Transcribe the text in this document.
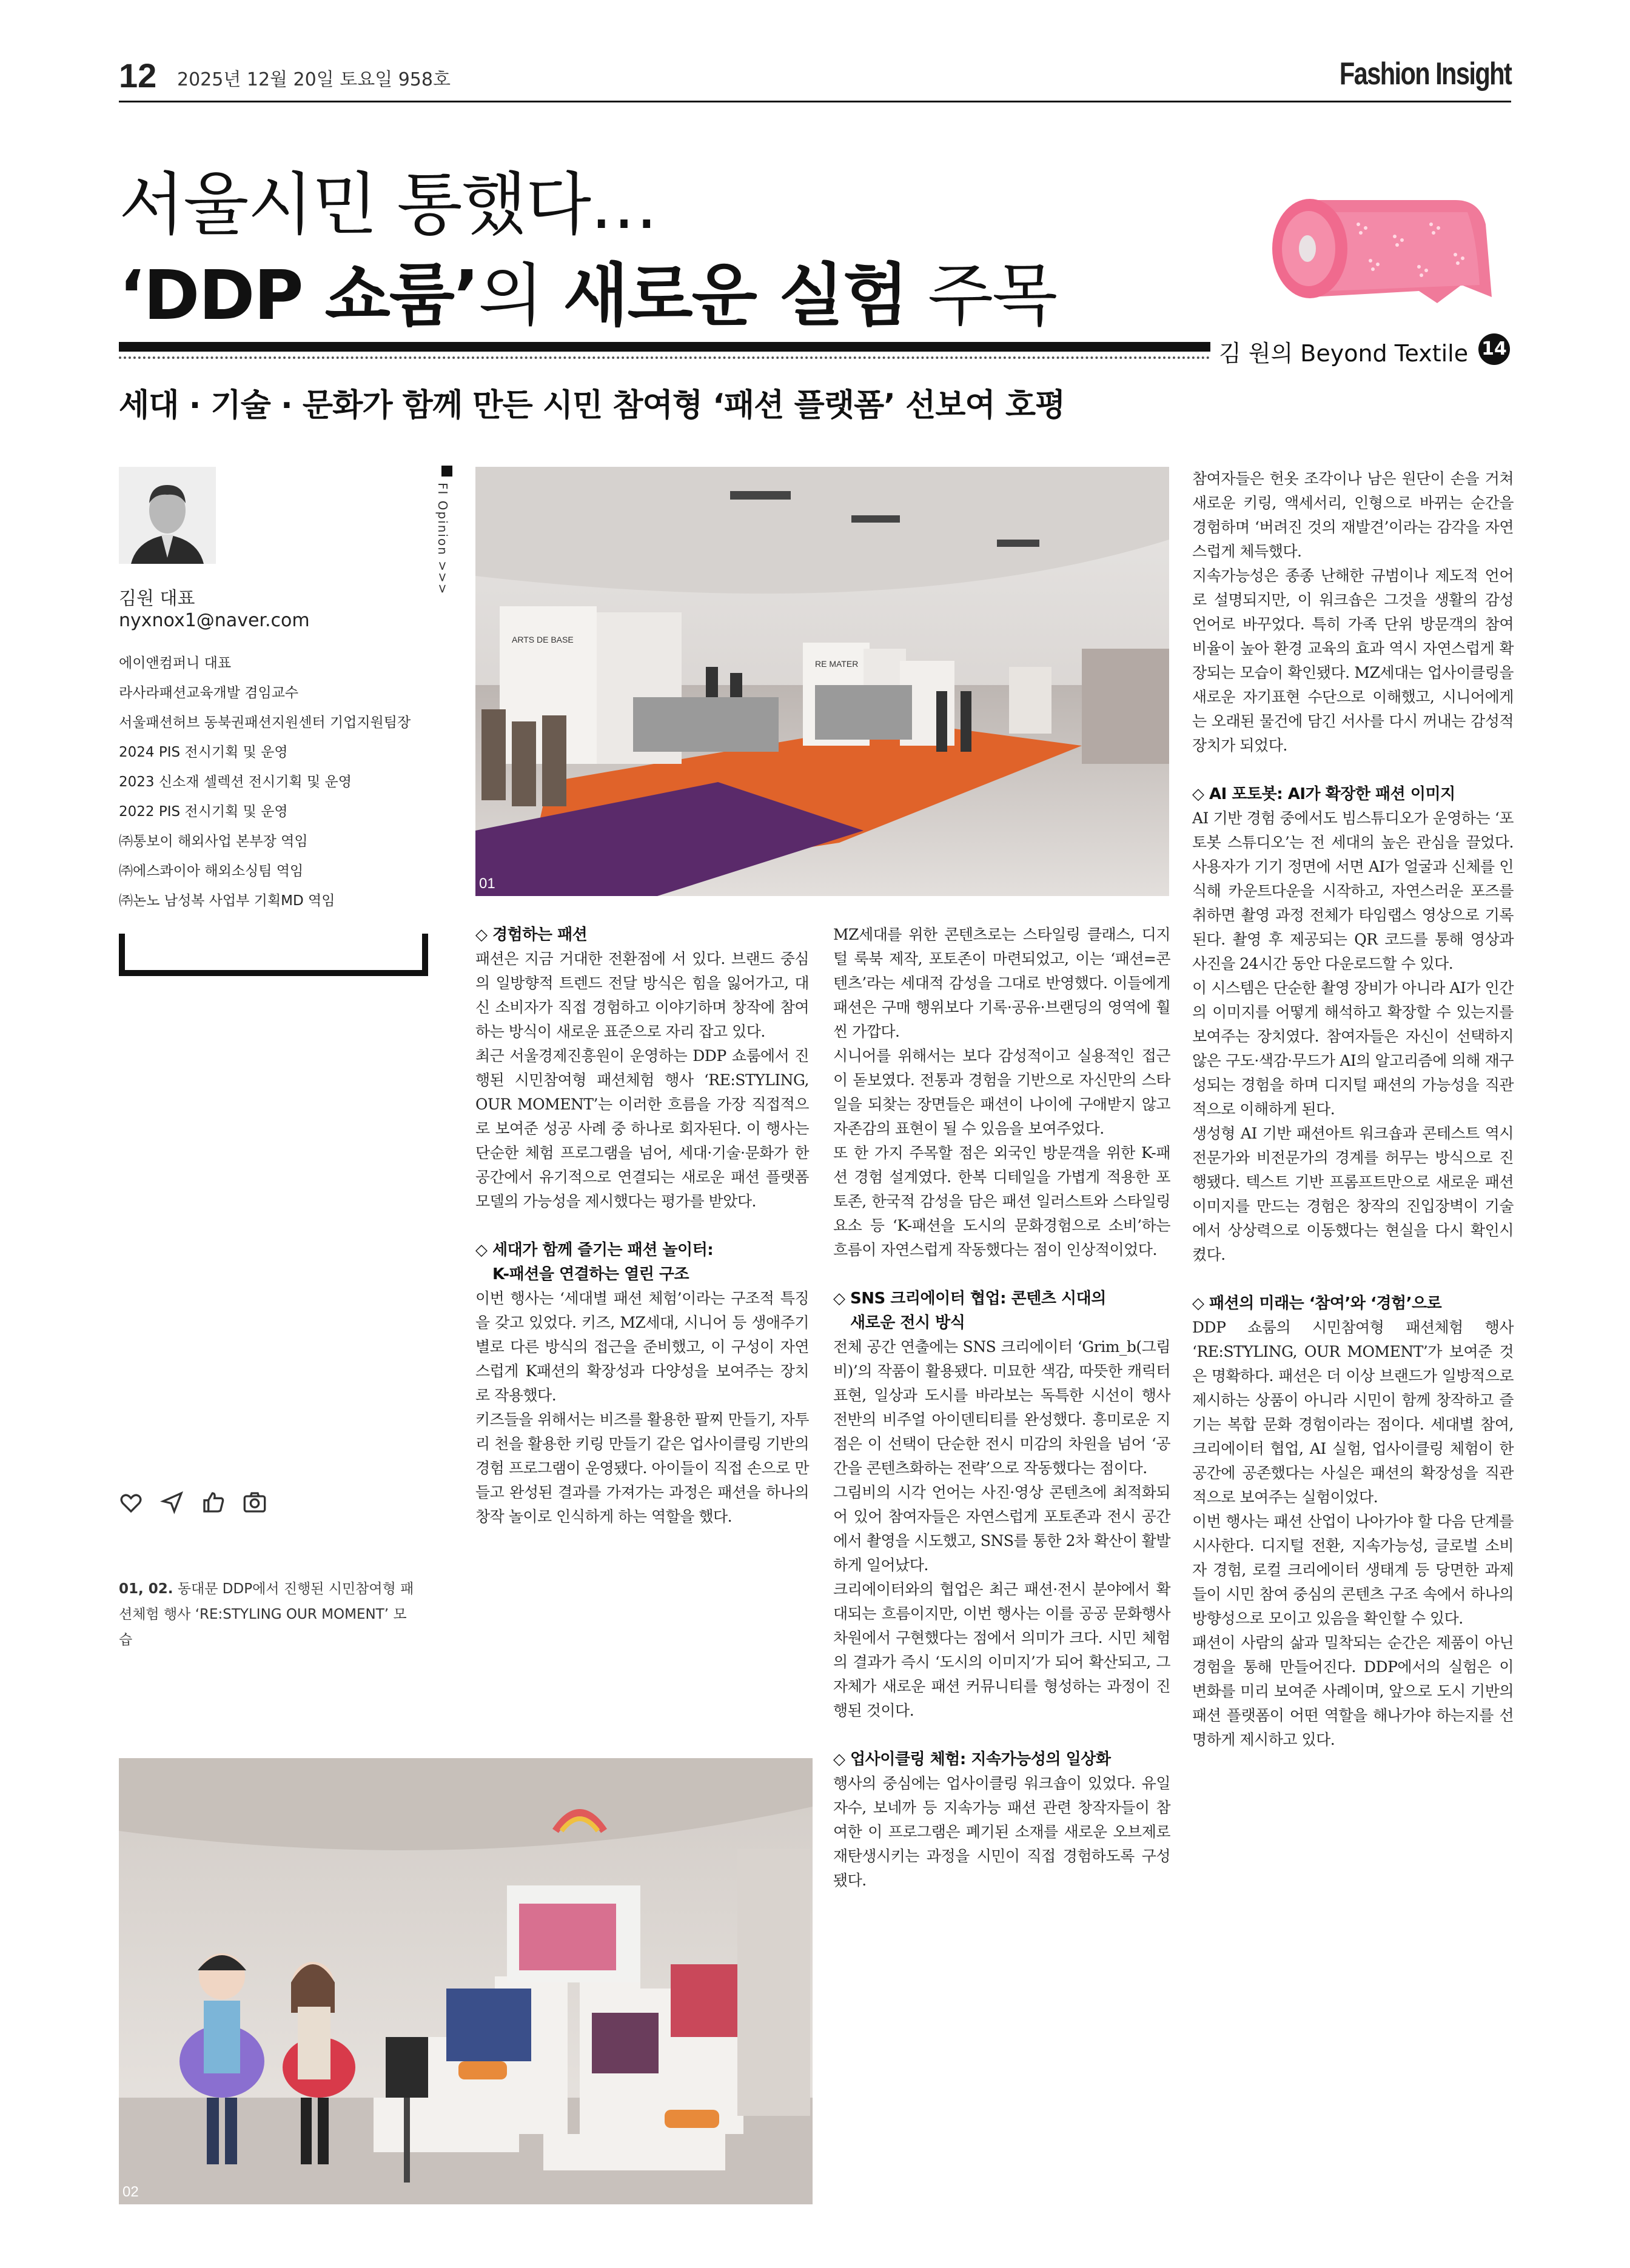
12 2025년 12월 20일 토요일 958호	Fashion Insight
서울시민 통했다…
‘DDP 쇼룸’의 새로운 실험 주목
김 원의 Beyond Textile 14
세대 · 기술 · 문화가 함께 만든 시민 참여형 ‘패션 플랫폼’ 선보여 호평
김원 대표
nyxnox1@naver.com
에이앤컴퍼니 대표
라사라패션교육개발 겸임교수
서울패션허브 동북권패션지원센터 기업지원팀장
2024 PIS 전시기획 및 운영
2023 신소재 셀렉션 전시기획 및 운영
2022 PIS 전시기획 및 운영
㈜통보이 해외사업 본부장 역임
㈜에스콰이아 해외소싱팀 역임
㈜논노 남성복 사업부 기획MD 역임
FI Opinion >>>
01, 02. 동대문 DDP에서 진행된 시민참여형 패션체험 행사 ‘RE:STYLING OUR MOMENT’ 모습
ARTS DE BASE
RE MATER
01
02
◇ 경험하는 패션

패션은 지금 거대한 전환점에 서 있다. 브랜드 중심의 일방향적 트렌드 전달 방식은 힘을 잃어가고, 대신 소비자가 직접 경험하고 이야기하며 창작에 참여하는 방식이 새로운 표준으로 자리 잡고 있다.

최근 서울경제진흥원이 운영하는 DDP 쇼룸에서 진행된 시민참여형 패션체험 행사 ‘RE:STYLING, OUR MOMENT’는 이러한 흐름을 가장 직접적으로 보여준 성공 사례 중 하나로 회자된다. 이 행사는 단순한 체험 프로그램을 넘어, 세대·기술·문화가 한 공간에서 유기적으로 연결되는 새로운 패션 플랫폼 모델의 가능성을 제시했다는 평가를 받았다.

◇ 세대가 함께 즐기는 패션 놀이터:
K-패션을 연결하는 열린 구조

이번 행사는 ‘세대별 패션 체험’이라는 구조적 특징을 갖고 있었다. 키즈, MZ세대, 시니어 등 생애주기별로 다른 방식의 접근을 준비했고, 이 구성이 자연스럽게 K패션의 확장성과 다양성을 보여주는 장치로 작용했다.

키즈들을 위해서는 비즈를 활용한 팔찌 만들기, 자투리 천을 활용한 키링 만들기 같은 업사이클링 기반의 경험 프로그램이 운영됐다. 아이들이 직접 손으로 만들고 완성된 결과를 가져가는 과정은 패션을 하나의 창작 놀이로 인식하게 하는 역할을 했다.

MZ세대를 위한 콘텐츠로는 스타일링 클래스, 디지털 룩북 제작, 포토존이 마련되었고, 이는 ‘패션=콘텐츠’라는 세대적 감성을 그대로 반영했다. 이들에게 패션은 구매 행위보다 기록·공유·브랜딩의 영역에 훨씬 가깝다.

시니어를 위해서는 보다 감성적이고 실용적인 접근이 돋보였다. 전통과 경험을 기반으로 자신만의 스타일을 되찾는 장면들은 패션이 나이에 구애받지 않고 자존감의 표현이 될 수 있음을 보여주었다.

또 한 가지 주목할 점은 외국인 방문객을 위한 K-패션 경험 설계였다. 한복 디테일을 가볍게 적용한 포토존, 한국적 감성을 담은 패션 일러스트와 스타일링 요소 등 ‘K-패션을 도시의 문화경험으로 소비’하는 흐름이 자연스럽게 작동했다는 점이 인상적이었다.

◇ SNS 크리에이터 협업: 콘텐츠 시대의
새로운 전시 방식

전체 공간 연출에는 SNS 크리에이터 ‘Grim_b(그림비)’의 작품이 활용됐다. 미묘한 색감, 따뜻한 캐릭터 표현, 일상과 도시를 바라보는 독특한 시선이 행사 전반의 비주얼 아이덴티티를 완성했다. 흥미로운 지점은 이 선택이 단순한 전시 미감의 차원을 넘어 ‘공간을 콘텐츠화하는 전략’으로 작동했다는 점이다.

그림비의 시각 언어는 사진·영상 콘텐츠에 최적화되어 있어 참여자들은 자연스럽게 포토존과 전시 공간에서 촬영을 시도했고, SNS를 통한 2차 확산이 활발하게 일어났다.

크리에이터와의 협업은 최근 패션·전시 분야에서 확대되는 흐름이지만, 이번 행사는 이를 공공 문화행사 차원에서 구현했다는 점에서 의미가 크다. 시민 체험의 결과가 즉시 ‘도시의 이미지’가 되어 확산되고, 그 자체가 새로운 패션 커뮤니티를 형성하는 과정이 진행된 것이다.

◇ 업사이클링 체험: 지속가능성의 일상화

행사의 중심에는 업사이클링 워크숍이 있었다. 유일자수, 보네까 등 지속가능 패션 관련 창작자들이 참여한 이 프로그램은 폐기된 소재를 새로운 오브제로 재탄생시키는 과정을 시민이 직접 경험하도록 구성됐다.

참여자들은 헌옷 조각이나 남은 원단이 손을 거쳐 새로운 키링, 액세서리, 인형으로 바뀌는 순간을 경험하며 ‘버려진 것의 재발견’이라는 감각을 자연스럽게 체득했다.

지속가능성은 종종 난해한 규범이나 제도적 언어로 설명되지만, 이 워크숍은 그것을 생활의 감성 언어로 바꾸었다. 특히 가족 단위 방문객의 참여 비율이 높아 환경 교육의 효과 역시 자연스럽게 확장되는 모습이 확인됐다. MZ세대는 업사이클링을 새로운 자기표현 수단으로 이해했고, 시니어에게는 오래된 물건에 담긴 서사를 다시 꺼내는 감성적 장치가 되었다.

◇ AI 포토봇: AI가 확장한 패션 이미지

AI 기반 경험 중에서도 빔스튜디오가 운영하는 ‘포토봇 스튜디오’는 전 세대의 높은 관심을 끌었다. 사용자가 기기 정면에 서면 AI가 얼굴과 신체를 인식해 카운트다운을 시작하고, 자연스러운 포즈를 취하면 촬영 과정 전체가 타임랩스 영상으로 기록된다. 촬영 후 제공되는 QR 코드를 통해 영상과 사진을 24시간 동안 다운로드할 수 있다.

이 시스템은 단순한 촬영 장비가 아니라 AI가 인간의 이미지를 어떻게 해석하고 확장할 수 있는지를 보여주는 장치였다. 참여자들은 자신이 선택하지 않은 구도·색감·무드가 AI의 알고리즘에 의해 재구성되는 경험을 하며 디지털 패션의 가능성을 직관적으로 이해하게 된다.

생성형 AI 기반 패션아트 워크숍과 콘테스트 역시 전문가와 비전문가의 경계를 허무는 방식으로 진행됐다. 텍스트 기반 프롬프트만으로 새로운 패션 이미지를 만드는 경험은 창작의 진입장벽이 기술에서 상상력으로 이동했다는 현실을 다시 확인시켰다.

◇ 패션의 미래는 ‘참여’와 ‘경험’으로

DDP 쇼룸의 시민참여형 패션체험 행사 ‘RE:STYLING, OUR MOMENT’가 보여준 것은 명확하다. 패션은 더 이상 브랜드가 일방적으로 제시하는 상품이 아니라 시민이 함께 창작하고 즐기는 복합 문화 경험이라는 점이다. 세대별 참여, 크리에이터 협업, AI 실험, 업사이클링 체험이 한 공간에 공존했다는 사실은 패션의 확장성을 직관적으로 보여주는 실험이었다.

이번 행사는 패션 산업이 나아가야 할 다음 단계를 시사한다. 디지털 전환, 지속가능성, 글로벌 소비자 경험, 로컬 크리에이터 생태계 등 당면한 과제들이 시민 참여 중심의 콘텐츠 구조 속에서 하나의 방향성으로 모이고 있음을 확인할 수 있다.

패션이 사람의 삶과 밀착되는 순간은 제품이 아닌 경험을 통해 만들어진다. DDP에서의 실험은 이 변화를 미리 보여준 사례이며, 앞으로 도시 기반의 패션 플랫폼이 어떤 역할을 해나가야 하는지를 선명하게 제시하고 있다.
